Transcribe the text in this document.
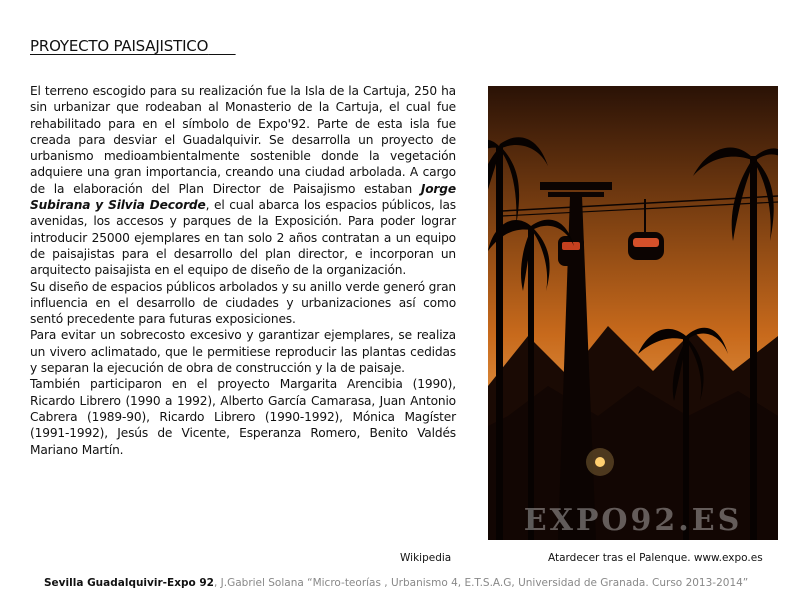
PROYECTO PAISAJISTICO

El terreno escogido para su realización fue la Isla de la Cartuja, 250 ha sin urbanizar que rodeaban al Monasterio de la Cartuja, el cual fue rehabilitado para en el símbolo de Expo'92. Parte de esta isla fue creada para desviar el Guadalquivir. Se desarrolla un proyecto de urbanismo medioambientalmente sostenible donde la vegetación adquiere una gran importancia, creando una ciudad arbolada. A cargo de la elaboración del Plan Director de Paisajismo estaban Jorge Subirana y Silvia Decorde, el cual abarca los espacios públicos, las avenidas, los accesos y parques de la Exposición. Para poder lograr introducir 25000 ejemplares en tan solo 2 años contratan a un equipo de paisajistas para el desarrollo del plan director, e incorporan un arquitecto paisajista en el equipo de diseño de la organización.

Su diseño de espacios públicos arbolados y su anillo verde generó gran influencia en el desarrollo de ciudades y urbanizaciones así como sentó precedente para futuras exposiciones.

Para evitar un sobrecosto excesivo y garantizar ejemplares, se realiza un vivero aclimatado, que le permitiese reproducir las plantas cedidas y separan la ejecución de obra de construcción y la de paisaje.

También participaron en el proyecto Margarita Arencibia (1990), Ricardo Librero (1990 a 1992), Alberto García Camarasa, Juan Antonio Cabrera (1989-90), Ricardo Librero (1990-1992), Mónica Magíster (1991-1992), Jesús de Vicente, Esperanza Romero, Benito Valdés Mariano Martín.

Wikipedia
EXPO92.ES
Atardecer tras el Palenque. www.expo.es
Sevilla Guadalquivir-Expo 92, J.Gabriel Solana “Micro-teorías , Urbanismo 4, E.T.S.A.G, Universidad de Granada. Curso 2013-2014”
